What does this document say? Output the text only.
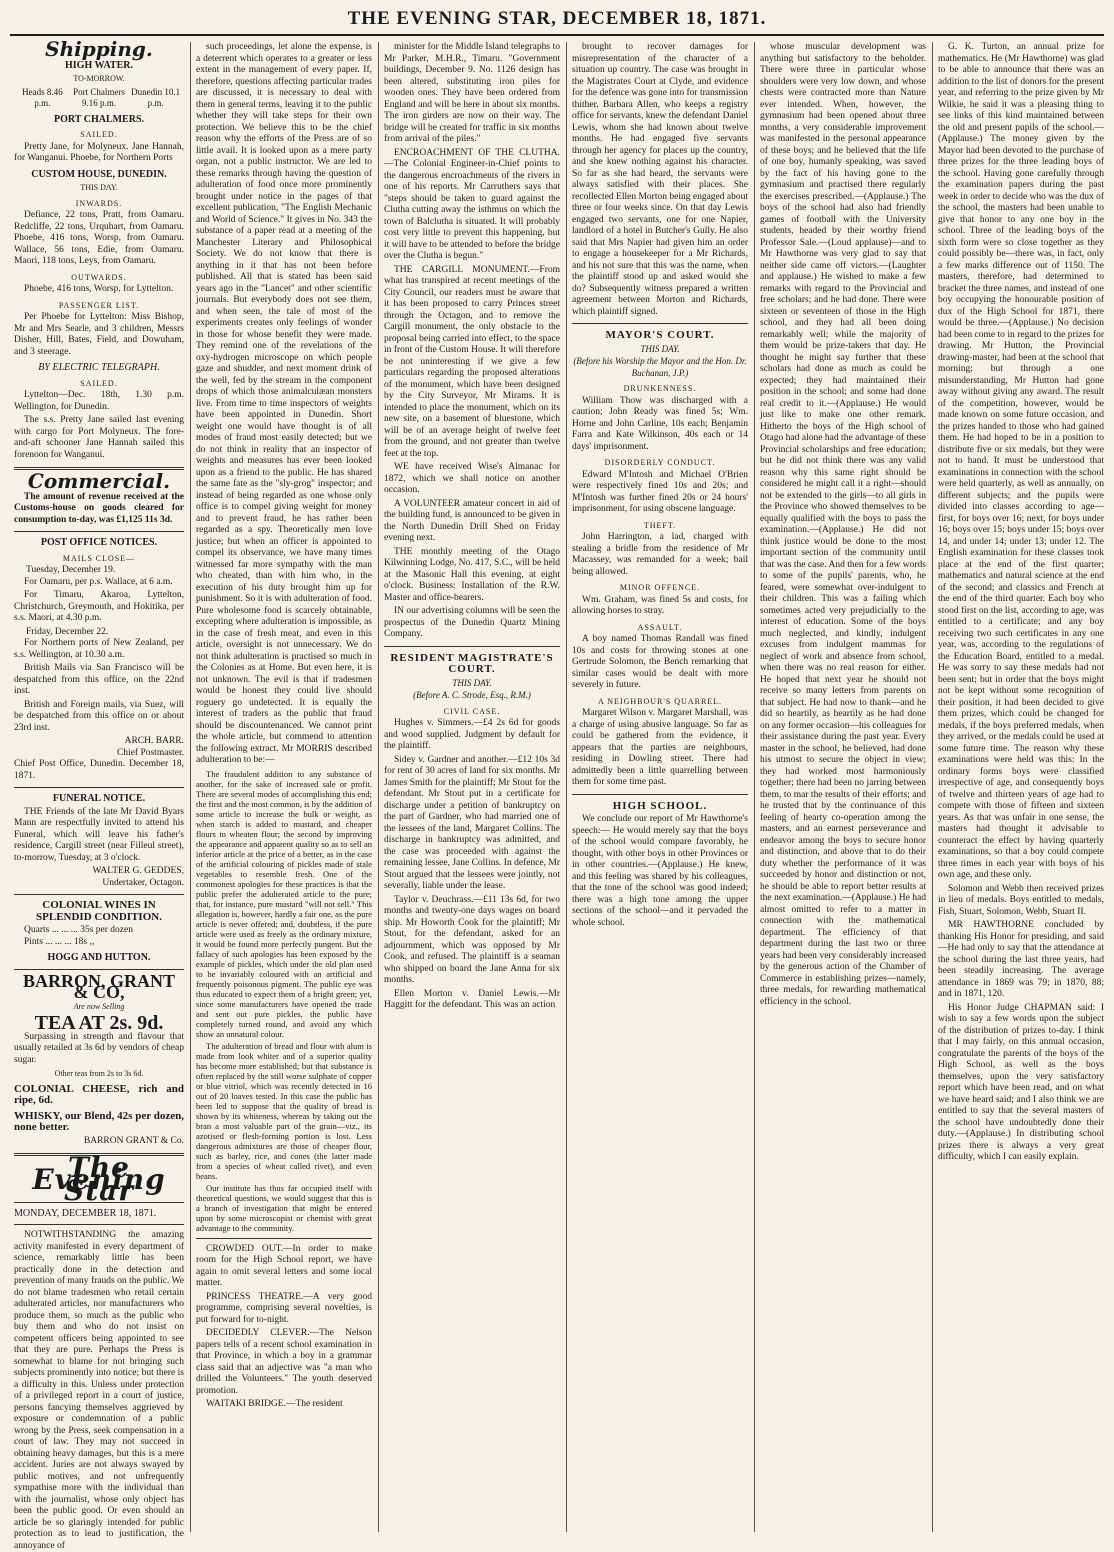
THE EVENING STAR, DECEMBER 18, 1871.
Shipping.
HIGH WATER.
TO-MORROW.
Heads 8.46 p.m.
Port Chalmers 9.16 p.m.
Dunedin 10.1 p.m.
PORT CHALMERS.
SAILED.

Pretty Jane, for Molyneux. Jane Hannah, for Wanganui. Phoebe, for Northern Ports

CUSTOM HOUSE, DUNEDIN.
THIS DAY.
INWARDS.

Defiance, 22 tons, Pratt, from Oamaru. Redcliffe, 22 tons, Urquhart, from Oamaru. Phoebe, 416 tons, Worsp, from Oamaru. Wallace, 56 tons, Edie, from Oamaru. Maori, 118 tons, Leys, from Oamaru.

OUTWARDS.

Phoebe, 416 tons, Worsp, for Lyttelton.

PASSENGER LIST.

Per Phoebe for Lyttelton: Miss Bishop, Mr and Mrs Searle, and 3 children, Messrs Disher, Hill, Bates, Field, and Dowuham, and 3 steerage.

BY ELECTRIC TELEGRAPH.
SAILED.

Lyttelton—Dec. 18th, 1.30 p.m. Wellington, for Dunedin.

The s.s. Pretty Jane sailed last evening with cargo for Port Molyneux. The fore-and-aft schooner Jane Hannah sailed this forenoon for Wanganui.

Commercial.

The amount of revenue received at the Customs-house on goods cleared for consumption to-day, was £1,125 11s 3d.

POST OFFICE NOTICES.
MAILS CLOSE—
Tuesday, December 19.

For Oamaru, per p.s. Wallace, at 6 a.m.

For Timaru, Akaroa, Lyttelton, Christchurch, Greymouth, and Hokitika, per s.s. Maori, at 4.30 p.m.

Friday, December 22.

For Northern ports of New Zealand, per s.s. Wellington, at 10.30 a.m.

British Mails via San Francisco will be despatched from this office, on the 22nd inst.

British and Foreign mails, via Suez, will be despatched from this office on or about 23rd inst.

ARCH. BARR.
Chief Postmaster.
Chief Post Office, Dunedin. December 18, 1871.
FUNERAL NOTICE.

THE Friends of the late Mr David Byars Mann are respectfully invited to attend his Funeral, which will leave his father's residence, Cargill street (near Filleul street), to-morrow, Tuesday, at 3 o'clock.

WALTER G. GEDDES,
Undertaker, Octagon.
COLONIAL WINES IN SPLENDID CONDITION.
Quarts ... ... ... 35s per dozen
Pints ... ... ... 18s ,,
HOGG AND HUTTON.
BARRON, GRANT & CO,
Are now Selling
TEA AT 2s. 9d.

Surpassing in strength and flavour that usually retailed at 3s 6d by vendors of cheap sugar.

Other teas from 2s to 3s 6d.
COLONIAL CHEESE, rich and ripe, 6d.
WHISKY, our Blend, 42s per dozen, none better.
BARRON GRANT & Co.
The Evening Star
MONDAY, DECEMBER 18, 1871.

NOTWITHSTANDING the amazing activity manifested in every department of science, remarkably little has been practically done in the detection and prevention of many frauds on the public. We do not blame tradesmen who retail certain adulterated articles, nor manufacturers who produce them, so much as the public who buy them and who do not insist on competent officers being appointed to see that they are pure. Perhaps the Press is somewhat to blame for not bringing such subjects prominently into notice; but there is a difficulty in this. Unless under protection of a privileged report in a court of justice, persons fancying themselves aggrieved by exposure or condemnation of a public wrong by the Press, seek compensation in a court of law. They may not succeed in obtaining heavy damages, but this is a mere accident. Juries are not always swayed by public motives, and not unfrequently sympathise more with the individual than with the journalist, whose only object has been the public good. Or even should an article be so glaringly intended for public protection as to lead to justification, the annoyance of

such proceedings, let alone the expense, is a deterrent which operates to a greater or less extent in the management of every paper. If, therefore, questions affecting particular trades are discussed, it is necessary to deal with them in general terms, leaving it to the public whether they will take steps for their own protection. We believe this to be the chief reason why the efforts of the Press are of so little avail. It is looked upon as a mere party organ, not a public instructor. We are led to these remarks through having the question of adulteration of food once more prominently brought under notice in the pages of that excellent publication, "The English Mechanic and World of Science." It gives in No. 343 the substance of a paper read at a meeting of the Manchester Literary and Philosophical Society. We do not know that there is anything in it that has not been before published. All that is stated has been said years ago in the "Lancet" and other scientific journals. But everybody does not see them, and when seen, the tale of most of the experiments creates only feelings of wonder in those for whose benefit they were made. They remind one of the revelations of the oxy-hydrogen microscope on which people gaze and shudder, and next moment drink of the well, fed by the stream in the component drops of which those animalculæan monsters live. From time to time inspectors of weights have been appointed in Dunedin. Short weight one would have thought is of all modes of fraud most easily detected; but we do not think in reality that an inspector of weights and measures has ever been looked upon as a friend to the public. He has shared the same fate as the "sly-grog" inspector; and instead of being regarded as one whose only office is to compel giving weight for money and to prevent fraud, he has rather been regarded as a spy. Theoretically men love justice; but when an officer is appointed to compel its observance, we have many times witnessed far more sympathy with the man who cheated, than with him who, in the execution of his duty brought him up for punishment. So it is with adulteration of food. Pure wholesome food is scarcely obtainable, excepting where adulteration is impossible, as in the case of fresh meat, and even in this article, oversight is not unnecessary. We do not think adulteration is practised so much in the Colonies as at Home. But even here, it is not unknown. The evil is that if tradesmen would be honest they could live should roguery go undetected. It is equally the interest of traders as the public that fraud should be discountenanced. We cannot print the whole article, but commend to attention the following extract. Mr MORRIS described adulteration to be:—

The fraudulent addition to any substance of another, for the sake of increased sale or profit. There are several modes of accomplishing this end; the first and the most common, is by the addition of some article to increase the bulk or weight, as when starch is added to mustard, and cheaper flours to wheaten flour; the second by improving the appearance and apparent quality so as to sell an inferior article at the price of a better, as in the case of the artificial colouring of pickles made of stale vegetables to resemble fresh. One of the commonest apologies for these practices is that the public prefer the adulterated article to the pure; that, for instance, pure mustard "will not sell." This allegation is, however, hardly a fair one, as the pure article is never offered; and, doubtless, if the pure article were used as freely as the ordinary mixture, it would be found more perfectly pungent. But the fallacy of such apologies has been exposed by the example of pickles, which under the old plan used to be invariably coloured with an artificial and frequently poisonous pigment. The public eye was thus educated to expect them of a bright green; yet, since some manufacturers have opened the trade and sent out pure pickles, the public have completely turned round, and avoid any which show an unnatural colour.

The adulteration of bread and flour with alum is made from look whiter and of a superior quality has become more established; but that substance is often replaced by the still worse sulphate of copper or blue vitriol, which was recently detected in 16 out of 20 loaves tested. In this case the public has been led to suppose that the quality of bread is shown by its whiteness, whereas by taking out the bran a most valuable part of the grain—viz., its azotised or flesh-forming portion is lost. Less dangerous admixtures are those of cheaper flour, such as barley, rice, and cones (the latter made from a species of wheat called rivet), and even beans.

Our institute has thus far occupied itself with theoretical questions, we would suggest that this is a branch of investigation that might be entered upon by some microscopist or chemist with great advantage to the community.

CROWDED OUT.—In order to make room for the High School report, we have again to omit several letters and some local matter.

PRINCESS THEATRE.—A very good programme, comprising several novelties, is put forward for to-night.

DECIDEDLY CLEVER.—The Nelson papers tells of a recent school examination in that Province, in which a boy in a grammar class said that an adjective was "a man who drilled the Volunteers." The youth deserved promotion.

WAITAKI BRIDGE.—The resident

minister for the Middle Island telegraphs to Mr Parker, M.H.R., Timaru. "Government buildings, December 9. No. 1126 design has been altered, substituting iron piles for wooden ones. They have been ordered from England and will be here in about six months. The iron girders are now on their way. The bridge will be created for traffic in six months from arrival of the piles."

ENCROACHMENT OF THE CLUTHA.—The Colonial Engineer-in-Chief points to the dangerous encroachments of the rivers in one of his reports. Mr Carruthers says that "steps should be taken to guard against the Clutha cutting away the isthmus on which the town of Balclutha is situated. It will probably cost very little to prevent this happening, but it will have to be attended to before the bridge over the Clutha is begun."

THE CARGILL MONUMENT.—From what has transpired at recent meetings of the City Council, our readers must be aware that it has been proposed to carry Princes street through the Octagon, and to remove the Cargill monument, the only obstacle to the proposal being carried into effect, to the space in front of the Custom House. It will therefore be not uninteresting if we give a few particulars regarding the proposed alterations of the monument, which have been designed by the City Surveyor, Mr Mirams. It is intended to place the monument, which on its new site, on a basement of bluestone, which will be of an average height of twelve feet from the ground, and not greater than twelve feet at the top.

WE have received Wise's Almanac for 1872, which we shall notice on another occasion.

A VOLUNTEER amateur concert in aid of the building fund, is announced to be given in the North Dunedin Drill Shed on Friday evening next.

THE monthly meeting of the Otago Kilwinning Lodge, No. 417, S.C., will be held at the Masonic Hall this evening, at eight o'clock. Business: Installation of the R.W. Master and office-bearers.

IN our advertising columns will be seen the prospectus of the Dunedin Quartz Mining Company.

RESIDENT MAGISTRATE'S COURT.
THIS DAY.
(Before A. C. Strode, Esq., R.M.)
CIVIL CASE.

Hughes v. Simmers.—£4 2s 6d for goods and wood supplied. Judgment by default for the plaintiff.

Sidey v. Gardner and another.—£12 10s 3d for rent of 30 acres of land for six months. Mr James Smith for the plaintiff; Mr Stout for the defendant. Mr Stout put in a certificate for discharge under a petition of bankruptcy on the part of Gardner, who had married one of the lessees of the land, Margaret Collins. The discharge in bankruptcy was admitted, and the case was proceeded with against the remaining lessee, Jane Collins. In defence, Mr Stout argued that the lessees were jointly, not severally, liable under the lease.

Taylor v. Deuchrass.—£11 13s 6d, for two months and twenty-one days wages on board ship. Mr Howorth Cook for the plaintiff; Mr Stout, for the defendant, asked for an adjournment, which was opposed by Mr Cook, and refused. The plaintiff is a seaman who shipped on board the Jane Anna for six months.

Ellen Morton v. Daniel Lewis.—Mr Haggitt for the defendant. This was an action

brought to recover damages for misrepresentation of the character of a situation up country. The case was brought in the Magistrates Court at Clyde, and evidence for the defence was gone into for transmission thither. Barbara Allen, who keeps a registry office for servants, knew the defendant Daniel Lewis, whom she had known about twelve months. He had engaged five servants through her agency for places up the country, and she knew nothing against his character. So far as she had heard, the servants were always satisfied with their places. She recollected Ellen Morton being engaged about three or four weeks since. On that day Lewis engaged two servants, one for one Napier, landlord of a hotel in Butcher's Gully. He also said that Mrs Napier had given him an order to engage a housekeeper for a Mr Richards, and his not sure that this was the name, when the plaintiff stood up and asked would she do? Subsequently witness prepared a written agreement between Morton and Richards, which plaintiff signed.

MAYOR'S COURT.
THIS DAY.
(Before his Worship the Mayor and the Hon. Dr. Buchanan, J.P.)
DRUNKENNESS.

William Thow was discharged with a caution; John Ready was fined 5s; Wm. Horne and John Carline, 10s each; Benjamin Farra and Kate Wilkinson, 40s each or 14 days' imprisonment.

DISORDERLY CONDUCT.

Edward M'Intosh and Michael O'Brien were respectively fined 10s and 20s; and M'Intosh was further fined 20s or 24 hours' imprisonment, for using obscene language.

THEFT.

John Harrington, a lad, charged with stealing a bridle from the residence of Mr Macassey, was remanded for a week; bail being allowed.

MINOR OFFENCE.

Wm. Graham, was fined 5s and costs, for allowing horses to stray.

ASSAULT.

A boy named Thomas Randall was fined 10s and costs for throwing stones at one Gertrude Solomon, the Bench remarking that similar cases would be dealt with more severely in future.

A NEIGHBOUR'S QUARREL.

Margaret Wilson v. Margaret Marshall, was a charge of using abusive language. So far as could be gathered from the evidence, it appears that the parties are neighbours, residing in Dowling street. There had admittedly been a little quarrelling between them for some time past.

HIGH SCHOOL.

We conclude our report of Mr Hawthorne's speech:— He would merely say that the boys of the school would compare favorably, he thought, with other boys in other Provinces or in other countries.—(Applause.) He knew, and this feeling was shared by his colleagues, that the tone of the school was good indeed; there was a high tone among the upper sections of the school—and it pervaded the whole school.

whose muscular development was anything but satisfactory to the beholder. There were three in particular whose shoulders were very low down, and whose chests were contracted more than Nature ever intended. When, however, the gymnasium had been opened about three months, a very considerable improvement was manifested in the personal appearance of these boys; and he believed that the life of one boy, humanly speaking, was saved by the fact of his having gone to the gymnasium and practised there regularly the exercises prescribed.—(Applause.) The boys of the school had also had friendly games of football with the University students, headed by their worthy friend Professor Sale.—(Loud applause)—and to Mr Hawthorne was very glad to say that neither side came off victors.—(Laughter and applause.) He wished to make a few remarks with regard to the Provincial and free scholars; and he had done. There were sixteen or seventeen of those in the High school, and they had all been doing remarkably well; while the majority of them would be prize-takers that day. He thought he might say further that these scholars had done as much as could be expected; they had maintained their position in the school; and some had done real credit to it.—(Applause.) He would just like to make one other remark. Hitherto the boys of the High school of Otago had alone had the advantage of these Provincial scholarships and free education; but he did not think there was any valid reason why this same right should be considered he might call it a right—should not be extended to the girls—to all girls in the Province who showed themselves to be equally qualified with the boys to pass the examination.—(Applause.) He did not think justice would be done to the most important section of the community until that was the case. And then for a few words to some of the pupils' parents, who, he feared, were somewhat over-indulgent to their children. This was a failing which sometimes acted very prejudicially to the interest of education. Some of the boys much neglected, and kindly, indulgent excuses from indulgent mammas for neglect of work and absence from school, when there was no real reason for either. He hoped that next year he should not receive so many letters from parents on that subject. He had now to thank—and he did so heartily, as heartily as he had done on any former occasion—his colleagues for their assistance during the past year. Every master in the school, he believed, had done his utmost to secure the object in view; they had worked most harmoniously together; there had been no jarring between them, to mar the results of their efforts; and he trusted that by the continuance of this feeling of hearty co-operation among the masters, and an earnest perseverance and endeavor among the boys to secure honor and distinction, and above that to do their duty whether the performance of it was succeeded by honor and distinction or not, he should be able to report better results at the next examination.—(Applause.) He had almost omitted to refer to a matter in connection with the mathematical department. The efficiency of that department during the last two or three years had been very considerably increased by the generous action of the Chamber of Commerce in establishing prizes—namely, three medals, for rewarding mathematical efficiency in the school.

G. K. Turton, an annual prize for mathematics. He (Mr Hawthorne) was glad to be able to announce that there was an addition to the list of donors for the present year, and referring to the prize given by Mr Wilkie, he said it was a pleasing thing to see links of this kind maintained between the old and present pupils of the school.—(Applause.) The money given by the Mayor had been devoted to the purchase of three prizes for the three leading boys of the school. Having gone carefully through the examination papers during the past week in order to decide who was the dux of the school, the masters had been unable to give that honor to any one boy in the school. Three of the leading boys of the sixth form were so close together as they could possibly be—there was, in fact, only a few marks difference out of 1150. The masters, therefore, had determined to bracket the three names, and instead of one boy occupying the honourable position of dux of the High School for 1871, there would be three.—(Applause.) No decision had been come to in regard to the prizes for drawing. Mr Hutton, the Provincial drawing-master, had been at the school that morning; but through a one misunderstanding, Mr Hutton had gone away without giving any award. The result of the competition, however, would be made known on some future occasion, and the prizes handed to those who had gained them. He had hoped to be in a position to distribute five or six medals, but they were not to hand. It must be understood that examinations in connection with the school were held quarterly, as well as annually, on different subjects; and the pupils were divided into classes according to age—first, for boys over 16; next, for boys under 16; boys over 15; boys under 15; boys over 14, and under 14; under 13; under 12. The English examination for these classes took place at the end of the first quarter; mathematics and natural science at the end of the second; and classics and French at the end of the third quarter. Each boy who stood first on the list, according to age, was entitled to a certificate; and any boy receiving two such certificates in any one year, was, according to the regulations of the Education Board, entitled to a medal. He was sorry to say these medals had not been sent; but in order that the boys might not be kept without some recognition of their position, it had been decided to give them prizes, which could be changed for medals, if the boys preferred medals, when they arrived, or the medals could be used at some future time. The reason why these examinations were held was this: In the ordinary forms boys were classified irrespective of age, and consequently boys of twelve and thirteen years of age had to compete with those of fifteen and sixteen years. As that was unfair in one sense, the masters had thought it advisable to counteract the effect by having quarterly examinations, so that a boy could compete three times in each year with boys of his own age, and these only.

Solomon and Webb then received prizes in lieu of medals. Boys entitled to medals, Fish, Stuart, Solomon, Webb, Stuart II.

MR HAWTHORNE concluded by thanking His Honor for presiding, and said—He had only to say that the attendance at the school during the last three years, had been steadily increasing. The average attendance in 1869 was 79; in 1870, 88; and in 1871, 120.

His Honor Judge CHAPMAN said: I wish to say a few words upon the subject of the distribution of prizes to-day. I think that I may fairly, on this annual occasion, congratulate the parents of the boys of the High School, as well as the boys themselves, upon the very satisfactory report which have been read, and on what we have heard said; and I also think we are entitled to say that the several masters of the school have undoubtedly done their duty.—(Applause.) In distributing school prizes there is always a very great difficulty, which I can easily explain.
